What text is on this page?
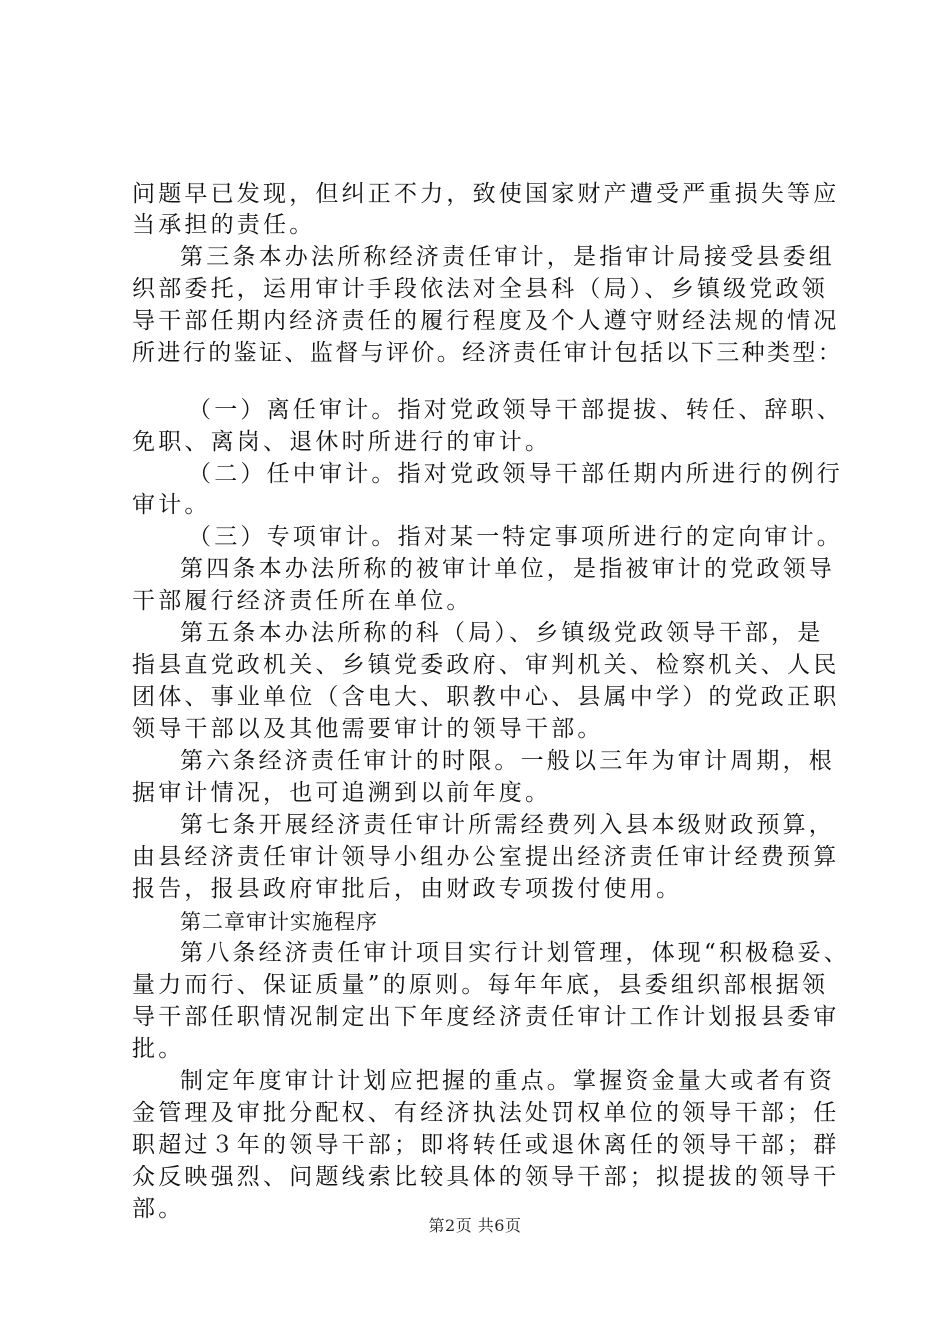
问题早已发现，但纠正不力，致使国家财产遭受严重损失等应
当承担的责任。
第三条本办法所称经济责任审计，是指审计局接受县委组
织部委托，运用审计手段依法对全县科（局）、乡镇级党政领
导干部任期内经济责任的履行程度及个人遵守财经法规的情况
所进行的鉴证、监督与评价。经济责任审计包括以下三种类型：
（一）离任审计。指对党政领导干部提拔、转任、辞职、
免职、离岗、退休时所进行的审计。
（二）任中审计。指对党政领导干部任期内所进行的例行
审计。
（三）专项审计。指对某一特定事项所进行的定向审计。
第四条本办法所称的被审计单位，是指被审计的党政领导
干部履行经济责任所在单位。
第五条本办法所称的科（局）、乡镇级党政领导干部，是
指县直党政机关、乡镇党委政府、审判机关、检察机关、人民
团体、事业单位（含电大、职教中心、县属中学）的党政正职
领导干部以及其他需要审计的领导干部。
第六条经济责任审计的时限。一般以三年为审计周期，根
据审计情况，也可追溯到以前年度。
第七条开展经济责任审计所需经费列入县本级财政预算，
由县经济责任审计领导小组办公室提出经济责任审计经费预算
报告，报县政府审批后，由财政专项拨付使用。
第二章审计实施程序
第八条经济责任审计项目实行计划管理，体现“积极稳妥、
量力而行、保证质量”的原则。每年年底，县委组织部根据领
导干部任职情况制定出下年度经济责任审计工作计划报县委审
批。
制定年度审计计划应把握的重点。掌握资金量大或者有资
金管理及审批分配权、有经济执法处罚权单位的领导干部；任
职超过３年的领导干部；即将转任或退休离任的领导干部；群
众反映强烈、问题线索比较具体的领导干部；拟提拔的领导干
部。
第2页 共6页
